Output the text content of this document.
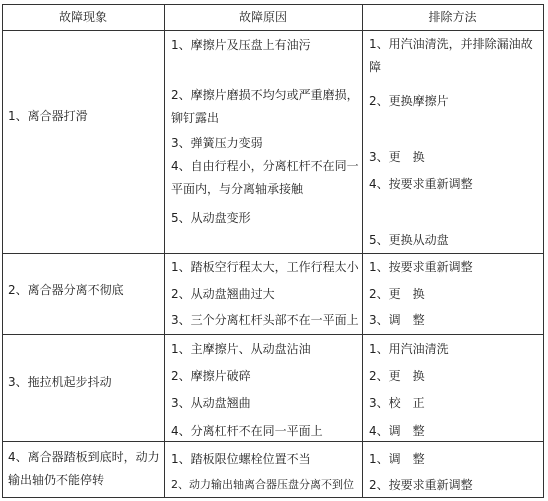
故障现象	故障原因	排除方法
1、离合器打滑
1、摩擦片及压盘上有油污
2、摩擦片磨损不均匀或严重磨损，铆钉露出
3、弹簧压力变弱
4、自由行程小，分离杠杆不在同一平面内，与分离轴承接触
5、从动盘变形
1、用汽油清洗，并排除漏油故障
2、更换摩擦片
3、更　换
4、按要求重新调整
5、更换从动盘
2、离合器分离不彻底
1、踏板空行程太大，工作行程太小
2、从动盘翘曲过大
3、三个分离杠杆头部不在一平面上
1、按要求重新调整
2、更　换
3、调　整
3、拖拉机起步抖动
1、主摩擦片、从动盘沾油
2、摩擦片破碎
3、从动盘翘曲
4、分离杠杆不在同一平面上
1、用汽油清洗
2、更　换
3、校　正
4、调　整
4、离合器踏板到底时，动力输出轴仍不能停转
1、踏板限位螺栓位置不当
2、动力输出轴离合器压盘分离不到位
1、调　整
2、按要求重新调整
